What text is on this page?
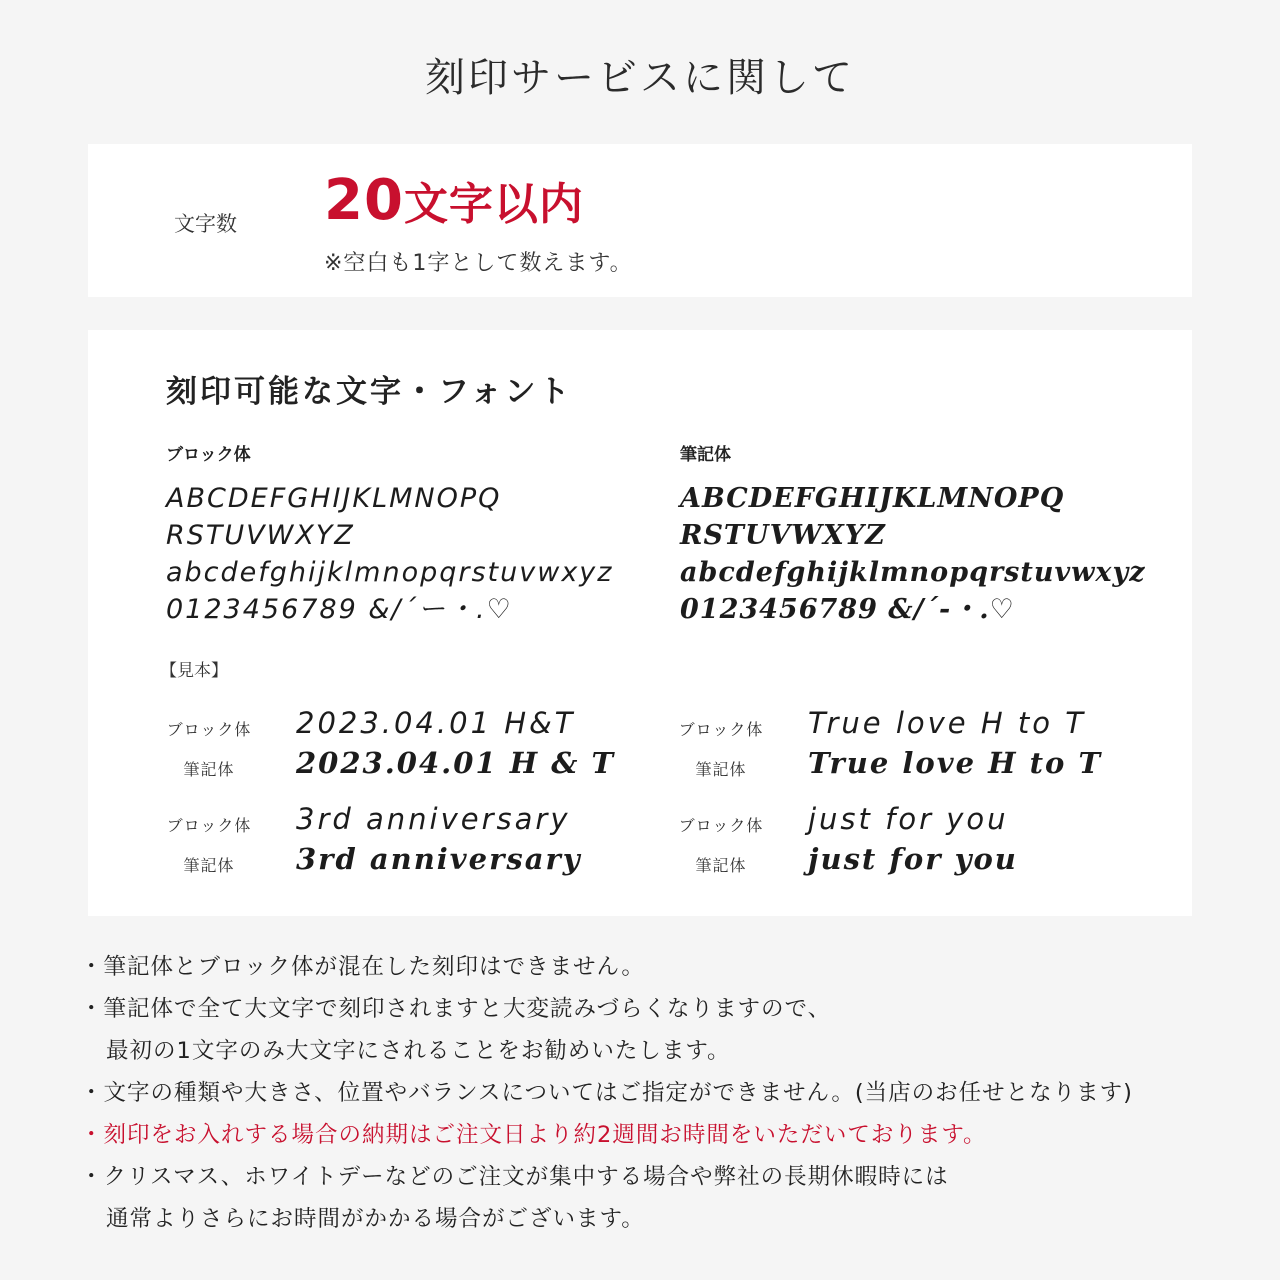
刻印サービスに関して
文字数 20文字以内
※空白も1字として数えます。
刻印可能な文字・フォント
ブロック体
ABCDEFGHIJKLMNOPQ
RSTUVWXYZ
abcdefghijklmnopqrstuvwxyz
0123456789 &/´ー・.♡
筆記体
ABCDEFGHIJKLMNOPQ
RSTUVWXYZ
abcdefghijklmnopqrstuvwxyz
0123456789 &/´-・.♡
【見本】
ブロック体 2023.04.01 H&T
筆記体	2023.04.01 H & T
ブロック体 True love H to T
筆記体	True love H to T
ブロック体 3rd anniversary
筆記体	3rd anniversary
ブロック体 just for you
筆記体	just for you
・筆記体とブロック体が混在した刻印はできません。
・筆記体で全て大文字で刻印されますと大変読みづらくなりますので、
最初の1文字のみ大文字にされることをお勧めいたします。
・文字の種類や大きさ、位置やバランスについてはご指定ができません。(当店のお任せとなります)
・刻印をお入れする場合の納期はご注文日より約2週間お時間をいただいております。
・クリスマス、ホワイトデーなどのご注文が集中する場合や弊社の長期休暇時には
通常よりさらにお時間がかかる場合がございます。
